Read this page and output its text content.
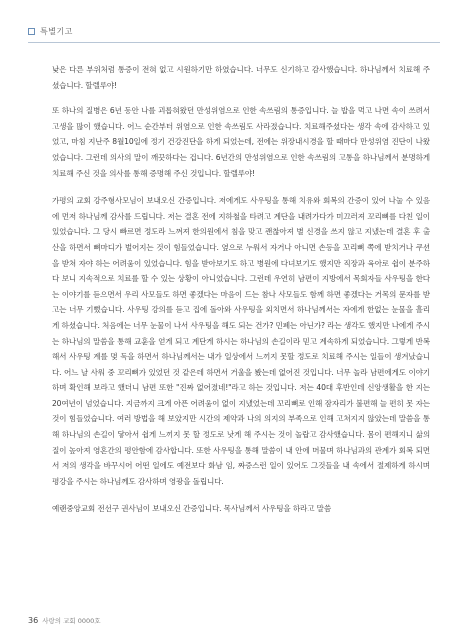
특별기고

낮은 다른 부위처럼 통증이 전혀 없고 시원하기만 하였습니다. 너무도 신기하고 감사했습니다. 하나님께서 치료해 주셨습니다. 할렐루야!

또 하나의 질병은 6년 동안 나를 괴롭혀왔던 만성위염으로 인한 속쓰림의 통증입니다. 늘 밥을 먹고 나면 속이 쓰려서 고생을 많이 했습니다. 어느 순간부터 위염으로 인한 속쓰림도 사라졌습니다. 치료해주셨다는 생각 속에 감사하고 있었고, 마침 지난주 8월10일에 정기 건강진단을 하게 되었는데, 전에는 위장내시경을 할 때마다 만성위염 진단이 나왔었습니다. 그런데 의사의 말이 깨끗하다는 겁니다. 6년간의 만성위염으로 인한 속쓰림의 고통을 하나님께서 분명하게 치료해 주신 것을 의사를 통해 증명해 주신 것입니다. 할렐루야!

가평의 교회 강주형사모님이 보내오신 간증입니다. 저에게도 사우팅을 통해 치유와 회복의 간증이 있어 나눌 수 있음에 먼저 하나님께 감사를 드립니다. 저는 결혼 전에 지하철을 타려고 계단을 내려가다가 미끄러져 꼬리뼈를 다친 일이 있었습니다. 그 당시 빠르면 정도라 느껴져 한의원에서 침을 맞고 괜찮아져 별 신경을 쓰지 않고 지냈는데 결혼 후 출산을 하면서 뼈마디가 벌어지는 것이 힘들었습니다. 옆으로 누워서 자거나 아니면 손등을 꼬리뼈 쪽에 받치거나 쿠션을 받쳐 자야 하는 어려움이 있었습니다. 힘을 받아보기도 하고 병원에 다녀보기도 했지만 직장과 육아로 쉽이 분주하다 보니 지속적으로 치료를 할 수 있는 상황이 아니었습니다. 그런데 우연히 남편이 지방에서 목회자들 사우팅을 한다는 이야기를 듣으면서 우리 사모들도 하면 좋겠다는 마음이 드는 참나 사모들도 함께 하면 좋겠다는 거목의 문자를 받고는 너무 기뻤습니다. 사우팅 강의를 듣고 집에 돌아와 사우팅을 외치면서 하나님께서는 자에게 한없는 눈물을 흘리게 하셨습니다. 처음에는 너무 눈물이 나서 사우팅을 해도 되는 건가? 민폐는 아닌가? 라는 생각도 했지만 나에게 주시는 하나님의 말씀을 통해 교훈을 얻게 되고 계단게 하시는 하나님의 손길이라 믿고 계속하게 되었습니다. 그렇게 반복해서 사우팅 계를 몇 독을 하면서 하나님께서는 내가 일상에서 느끼지 못할 정도로 치료해 주시는 일들이 생겨났습니다. 어느 날 사워 중 꼬리뼈가 있었던 것 같은데 하면서 거울을 봤는데 없어진 것입니다. 너무 놀라 남편에게도 이야기하며 확인해 보라고 했더니 남편 또한 "진짜 없어졌네!"라고 하는 것입니다. 저는 40대 후반인데 신앙생활을 한 지는 20여년이 넘었습니다. 지금까지 크게 아픈 어려움이 없이 지냈었는데 꼬리뼈로 인해 잠자리가 불편해 늘 편히 못 자는 것이 힘들었습니다. 여러 방법을 해 보았지만 시간의 제약과 나의 의지의 부족으로 인해 고쳐지지 않았는데 말씀을 통해 하나님의 손길이 닿아서 쉽게 느끼지 못 할 정도로 낫게 해 주시는 것이 놀랍고 감사했습니다. 몸이 편해지니 삶의 질이 높아져 영혼간의 평안함에 감사합니다. 또한 사우팅을 통해 말씀이 내 안에 머물며 하나님과의 관계가 회복 되면서 저의 생각을 바꾸시어 어떤 일에도 예전보다 화남 임, 짜증스런 일이 있어도 그것들을 내 속에서 절제하게 하시며 평강을 주시는 하나님께도 감사하며 영광을 돌립니다.

예랜중앙교회 전선구 권사님이 보내오신 간증입니다. 목사님께서 사우팅을 하라고 말씀

36 사랑의 교회 0000호
